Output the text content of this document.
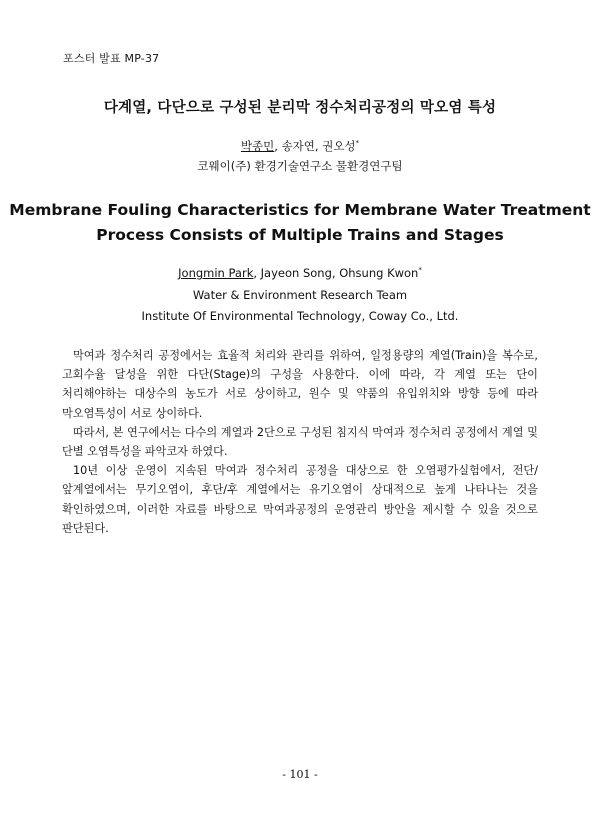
포스터 발표 MP-37
다계열, 다단으로 구성된 분리막 정수처리공정의 막오염 특성
박종민, 송자연, 권오성*
코웨이(주) 환경기술연구소 물환경연구팀
Membrane Fouling Characteristics for Membrane Water Treatment
Process Consists of Multiple Trains and Stages
Jongmin Park, Jayeon Song, Ohsung Kwon*
Water & Environment Research Team
Institute Of Environmental Technology, Coway Co., Ltd.

막여과 정수처리 공정에서는 효율적 처리와 관리를 위하여, 일정용량의 계열(Train)을 복수로, 고회수율 달성을 위한 다단(Stage)의 구성을 사용한다. 이에 따라, 각 계열 또는 단이 처리해야하는 대상수의 농도가 서로 상이하고, 원수 및 약품의 유입위치와 방향 등에 따라 막오염특성이 서로 상이하다.

따라서, 본 연구에서는 다수의 계열과 2단으로 구성된 침지식 막여과 정수처리 공정에서 계열 및 단별 오염특성을 파악코자 하였다.

10년 이상 운영이 지속된 막여과 정수처리 공정을 대상으로 한 오염평가실험에서, 전단/앞계열에서는 무기오염이, 후단/후 계열에서는 유기오염이 상대적으로 높게 나타나는 것을 확인하였으며, 이러한 자료를 바탕으로 막여과공정의 운영관리 방안을 제시할 수 있을 것으로 판단된다.

- 101 -
